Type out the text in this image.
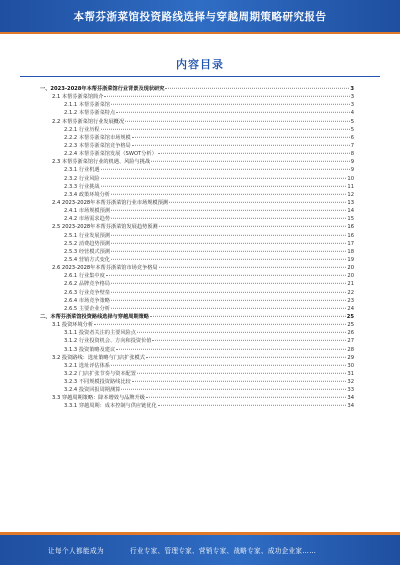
本帮芬浙菜馆投资路线选择与穿越周期策略研究报告
内容目录
一、2023-2028年本帮芬浙菜馆行业背景及现状研究	3
2.1 本帮芬浙菜馆简介	3
2.1.1 本帮芬浙菜馆	3
2.1.2 本帮芬浙菜特点	4
2.2 本帮芬浙菜馆行业发展概况	5
2.2.1 行业历程	5
2.2.2 本帮芬浙菜馆市场规模	6
2.2.3 本帮芬浙菜馆竞争格局	7
2.2.4 本帮芬浙菜馆发展（SWOT分析）	8
2.3 本帮芬浙菜馆行业的机遇、风险与挑战	9
2.3.1 行业机遇	9
2.3.2 行业风险	10
2.3.3 行业挑战	11
2.3.4 政策环境分析	12
2.4 2023-2028年本帮芬浙菜馆行业市场规模预测	13
2.4.1 市场规模预测	14
2.4.2 市场需求趋势	15
2.5 2023-2028年本帮芬浙菜馆发展趋势预测	16
2.5.1 行业发展预测	16
2.5.2 消费趋势预测	17
2.5.3 经营模式预测	18
2.5.4 营销方式变化	19
2.6 2023-2028年本帮芬浙菜馆市场竞争格局	20
2.6.1 行业集中度	20
2.6.2 品牌竞争格局	21
2.6.3 行业竞争壁垒	22
2.6.4 市场竞争策略	23
2.6.5 主要企业分析	24
二、本帮芬浙菜馆投资路线选择与穿越周期策略	25
3.1 投资环境分析	25
3.1.1 投资者关注的主要风险点	26
3.1.2 行业投资机会、方向和投资价值	27
3.1.3 投资策略及建议	28
3.2 投资路线：选址策略与门店扩张模式	29
3.2.1 选址评估体系	30
3.2.2 门店扩张节奏与资本配置	31
3.2.3 不同规模投资路线比较	32
3.2.4 投资回报周期测算	33
3.3 穿越周期策略：降本增效与品牌升级	34
3.3.1 穿越周期：成本控制与供应链优化	34
让每个人都能成为	行业专家、管理专家、营销专家、战略专家、成功企业家……
